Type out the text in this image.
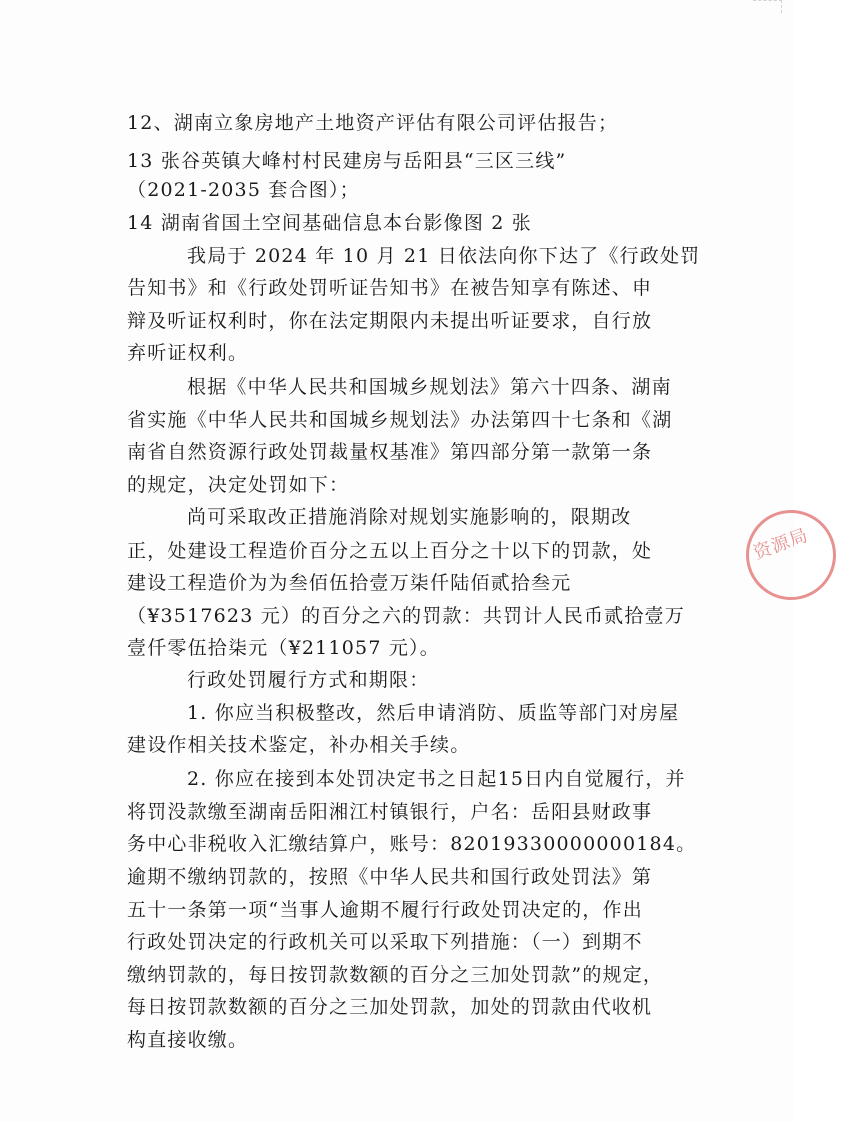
12、湖南立象房地产土地资产评估有限公司评估报告；
13 张谷英镇大峰村村民建房与岳阳县“三区三线”
（2021-2035 套合图）；
14 湖南省国土空间基础信息本台影像图 2 张
我局于 2024 年 10 月 21 日依法向你下达了《行政处罚
告知书》和《行政处罚听证告知书》在被告知享有陈述、申
辩及听证权利时，你在法定期限内未提出听证要求，自行放
弃听证权利。
根据《中华人民共和国城乡规划法》第六十四条、湖南
省实施《中华人民共和国城乡规划法》办法第四十七条和《湖
南省自然资源行政处罚裁量权基准》第四部分第一款第一条
的规定，决定处罚如下：
尚可采取改正措施消除对规划实施影响的，限期改
正，处建设工程造价百分之五以上百分之十以下的罚款，处
建设工程造价为为叁佰伍拾壹万柒仟陆佰贰拾叁元
（¥3517623 元）的百分之六的罚款：共罚计人民币贰拾壹万
壹仟零伍拾柒元（¥211057 元）。
行政处罚履行方式和期限：
1. 你应当积极整改，然后申请消防、质监等部门对房屋
建设作相关技术鉴定，补办相关手续。
2. 你应在接到本处罚决定书之日起15日内自觉履行，并
将罚没款缴至湖南岳阳湘江村镇银行，户名：岳阳县财政事
务中心非税收入汇缴结算户，账号：82019330000000184。
逾期不缴纳罚款的，按照《中华人民共和国行政处罚法》第
五十一条第一项“当事人逾期不履行行政处罚决定的，作出
行政处罚决定的行政机关可以采取下列措施：（一）到期不
缴纳罚款的，每日按罚款数额的百分之三加处罚款”的规定，
每日按罚款数额的百分之三加处罚款，加处的罚款由代收机
构直接收缴。
资源局
